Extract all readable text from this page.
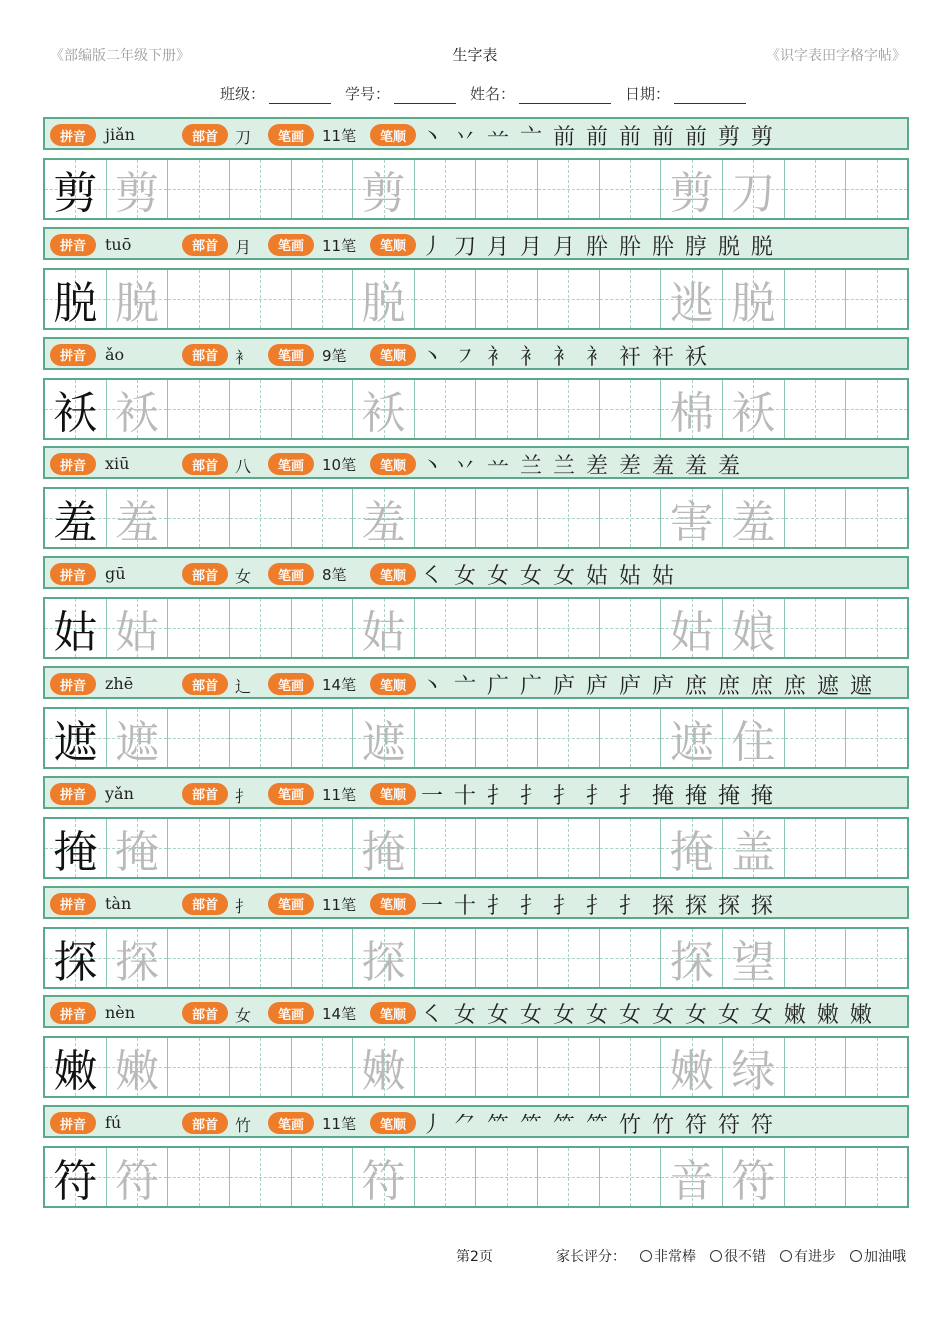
《部编版二年级下册》	生字表	《识字表田字格字帖》
班级：	学号：	姓名：	日期：
拼音	jiǎn	部首	刀	笔画	11笔	笔顺 丶 丷 䒑 亠 前 前 前 前 前 剪 剪
剪 剪	剪	剪 刀
拼音	tuō	部首	月	笔画	11笔	笔顺 丿 刀 月 月 月 肸 肸 肸 脝 脱 脱
脱 脱	脱	逃 脱
拼音	ǎo	部首	衤	笔画	9笔	笔顺 丶 ㇇ 衤 衤 衤 衤 衦 衦 袄
袄 袄	袄	棉 袄
拼音	xiū	部首	八	笔画	10笔	笔顺 丶 丷 䒑 兰 兰 差 差 羞 羞 羞
羞 羞	羞	害 羞
拼音	gū	部首	女	笔画	8笔	笔顺 ㇛ 女 女 女 女 姑 姑 姑
姑 姑	姑	姑 娘
拼音	zhē	部首	辶	笔画	14笔	笔顺 丶 亠 广 广 庐 庐 庐 庐 庶 庶 庶 庶 遮 遮
遮 遮	遮	遮 住
拼音	yǎn	部首	扌	笔画	11笔	笔顺 一 十 扌 扌 扌 扌 扌 掩 掩 掩 掩
掩 掩	掩	掩 盖
拼音	tàn	部首	扌	笔画	11笔	笔顺 一 十 扌 扌 扌 扌 扌 探 探 探 探
探 探	探	探 望
拼音	nèn	部首	女	笔画	14笔	笔顺 ㇛ 女 女 女 女 女 女 女 女 女 女 嫩 嫩 嫩
嫩 嫩	嫩	嫩 绿
拼音	fú	部首	竹	笔画	11笔	笔顺 丿 ⺈ ⺮ ⺮ ⺮ ⺮ 竹 竹 符 符 符
符 符	符	音 符
第2页	家长评分： 非常棒 很不错 有进步 加油哦
